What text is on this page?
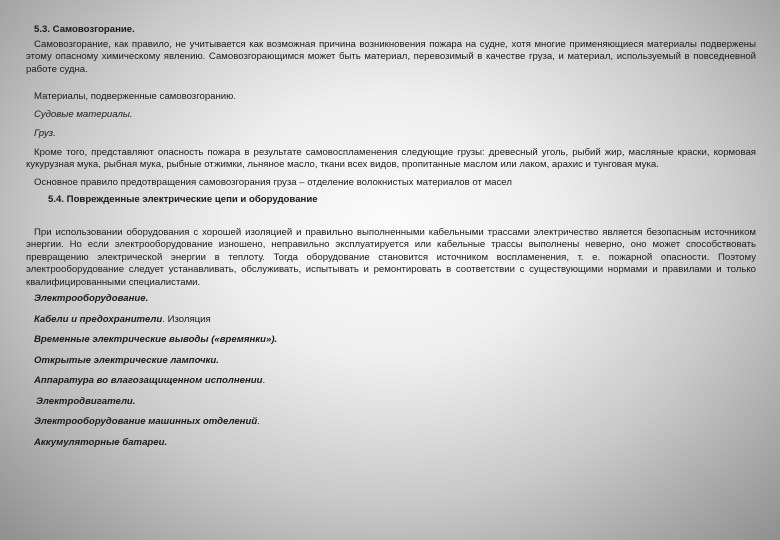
5.3. Самовозгорание.

Самовозгорание, как правило, не учитывается как возможная причина возникновения пожара на судне, хотя многие применяющиеся материалы подвержены этому опасному химическому явлению. Самовозгорающимся может быть материал, перевозимый в качестве груза, и материал, используемый в повседневной работе судна.

Материалы, подверженные самовозгоранию.

Судовые материалы.

Груз.

Кроме того, представляют опасность пожара в результате самовоспламенения следующие грузы: древесный уголь, рыбий жир, масляные краски, кормовая кукурузная мука, рыбная мука, рыбные отжимки, льняное масло, ткани всех видов, пропитанные маслом или лаком, арахис и тунговая мука.

Основное правило предотвращения самовозгорания груза – отделение волокнистых материалов от масел

5.4. Поврежденные электрические цепи и оборудование

При использовании оборудования с хорошей изоляцией и правильно выполненными кабельными трассами электричество является безопасным источником энергии. Но если электрооборудование изношено, неправильно эксплуатируется или кабельные трассы выполнены неверно, оно может способствовать превращению электрической энергии в теплоту. Тогда оборудование становится источником воспламенения, т. е. пожарной опасности. Поэтому электрооборудование следует устанавливать, обслуживать, испытывать и ремонтировать в соответствии с существующими нормами и правилами и только квалифицированными специалистами.

Электрооборудование.

Кабели и предохранители. Изоляция

Временные электрические выводы («времянки»).

Открытые электрические лампочки.

Аппаратура во влагозащищенном исполнении.

Электродвигатели.

Электрооборудование машинных отделений.

Аккумуляторные батареи.
